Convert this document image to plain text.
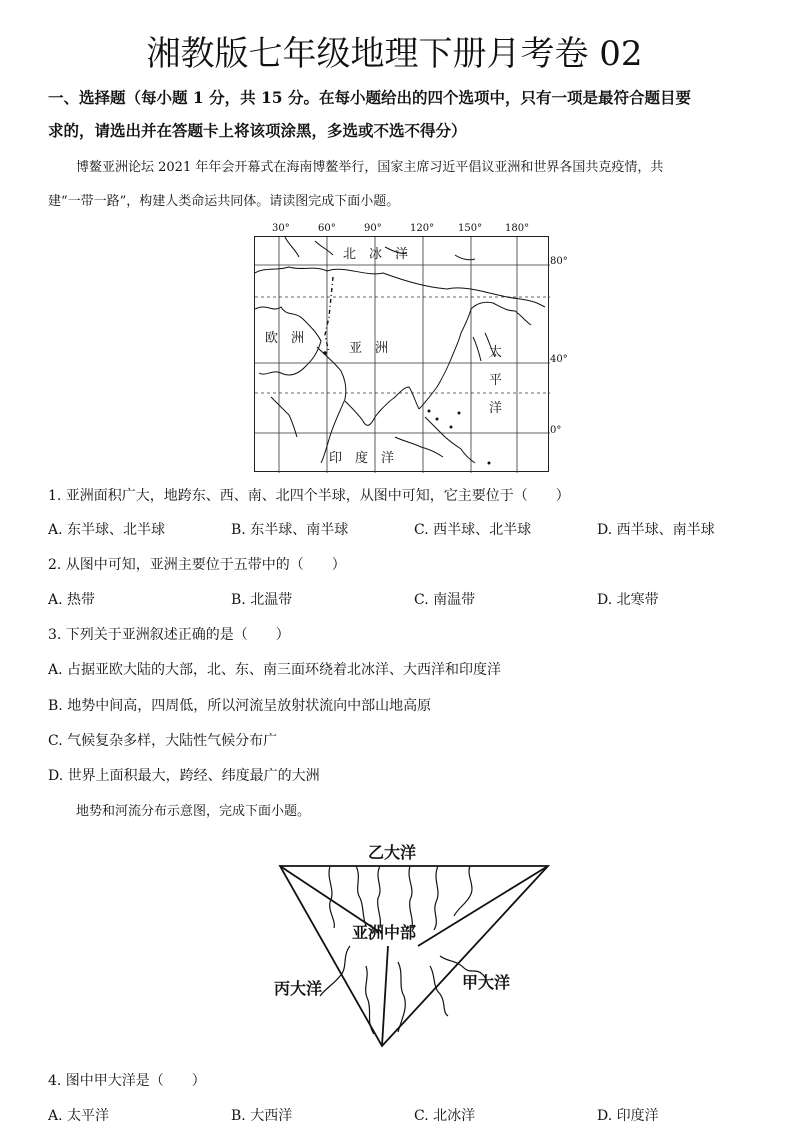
湘教版七年级地理下册月考卷 02
一、选择题（每小题 1 分，共 15 分。在每小题给出的四个选项中，只有一项是最符合题目要
求的，请选出并在答题卡上将该项涂黑，多选或不选不得分）
博鳌亚洲论坛 2021 年年会开幕式在海南博鳌举行，国家主席习近平倡议亚洲和世界各国共克疫情，共
建“一带一路”，构建人类命运共同体。请读图完成下面小题。
30°	60°	90°	120° 150° 180°
北　冰　洋
欧　洲
亚　洲	太
平
洋
印　度　洋
80°
40°
0°
1. 亚洲面积广大，地跨东、西、南、北四个半球，从图中可知，它主要位于（　　）
A. 东半球、北半球	B. 东半球、南半球	C. 西半球、北半球	D. 西半球、南半球
2. 从图中可知，亚洲主要位于五带中的（　　）
A. 热带	B. 北温带	C. 南温带	D. 北寒带
3. 下列关于亚洲叙述正确的是（　　）
A. 占据亚欧大陆的大部，北、东、南三面环绕着北冰洋、大西洋和印度洋
B. 地势中间高，四周低，所以河流呈放射状流向中部山地高原
C. 气候复杂多样，大陆性气候分布广
D. 世界上面积最大，跨经、纬度最广的大洲
地势和河流分布示意图，完成下面小题。
乙大洋
亚洲中部
丙大洋	甲大洋
4. 图中甲大洋是（　　）
A. 太平洋	B. 大西洋	C. 北冰洋	D. 印度洋
